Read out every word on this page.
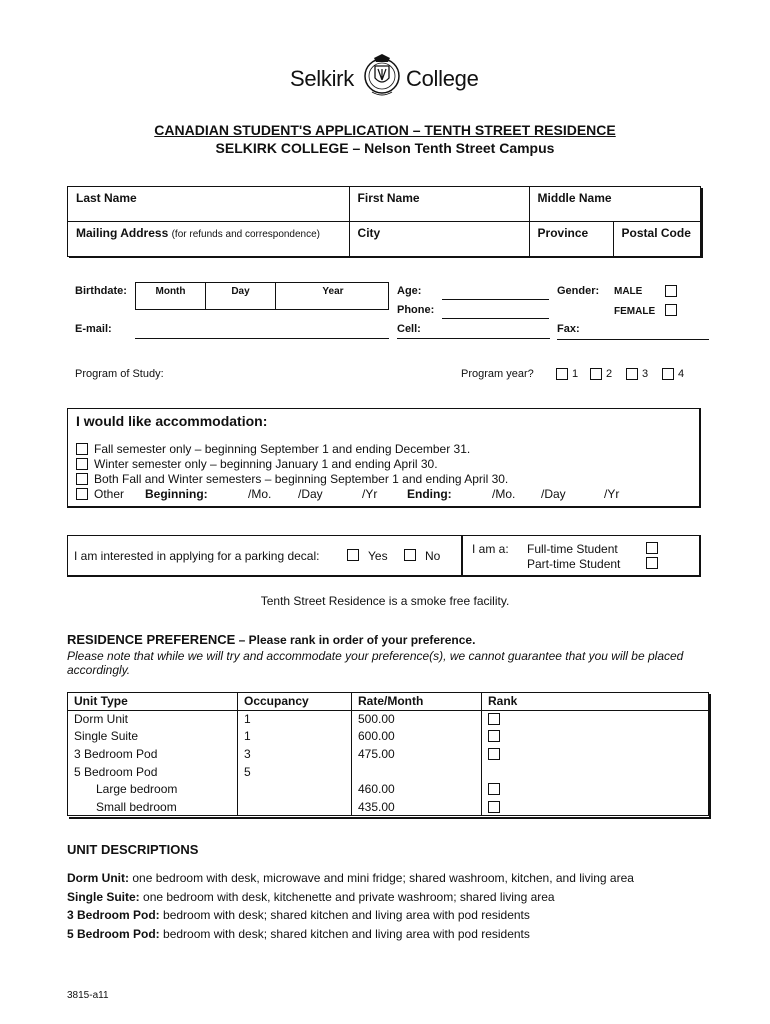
Selkirk College
CANADIAN STUDENT'S APPLICATION – TENTH STREET RESIDENCE
SELKIRK COLLEGE – Nelson Tenth Street Campus
Last Name	First Name	Middle Name	
Mailing Address (for refunds and correspondence)	City	Province	Postal Code
Birthdate:	Month	Day	Year	Age:
Phone:
Cell:
E-mail:
Gender: MALE
FEMALE
Fax:
Program of Study:	Program year?	1	2	3	4
I would like accommodation:
Fall semester only – beginning September 1 and ending December 31.
Winter semester only – beginning January 1 and ending April 30.
Both Fall and Winter semesters – beginning September 1 and ending April 30.
Other Beginning:	/Mo. /Day	/Yr Ending:	/Mo. /Day	/Yr
I am interested in applying for a parking decal:	Yes	No	I am a: Full-time Student
Part-time Student
Tenth Street Residence is a smoke free facility.
RESIDENCE PREFERENCE – Please rank in order of your preference.
Please note that while we will try and accommodate your preference(s), we cannot guarantee that you will be placed accordingly.
Unit Type	Occupancy	Rate/Month	Rank
Dorm Unit	1	500.00	
Single Suite	1	600.00	
3 Bedroom Pod	3	475.00	
5 Bedroom Pod	5		
Large bedroom		460.00	
Small bedroom		435.00	
UNIT DESCRIPTIONS
Dorm Unit: one bedroom with desk, microwave and mini fridge; shared washroom, kitchen, and living area
Single Suite: one bedroom with desk, kitchenette and private washroom; shared living area
3 Bedroom Pod: bedroom with desk; shared kitchen and living area with pod residents
5 Bedroom Pod: bedroom with desk; shared kitchen and living area with pod residents
3815-a11
